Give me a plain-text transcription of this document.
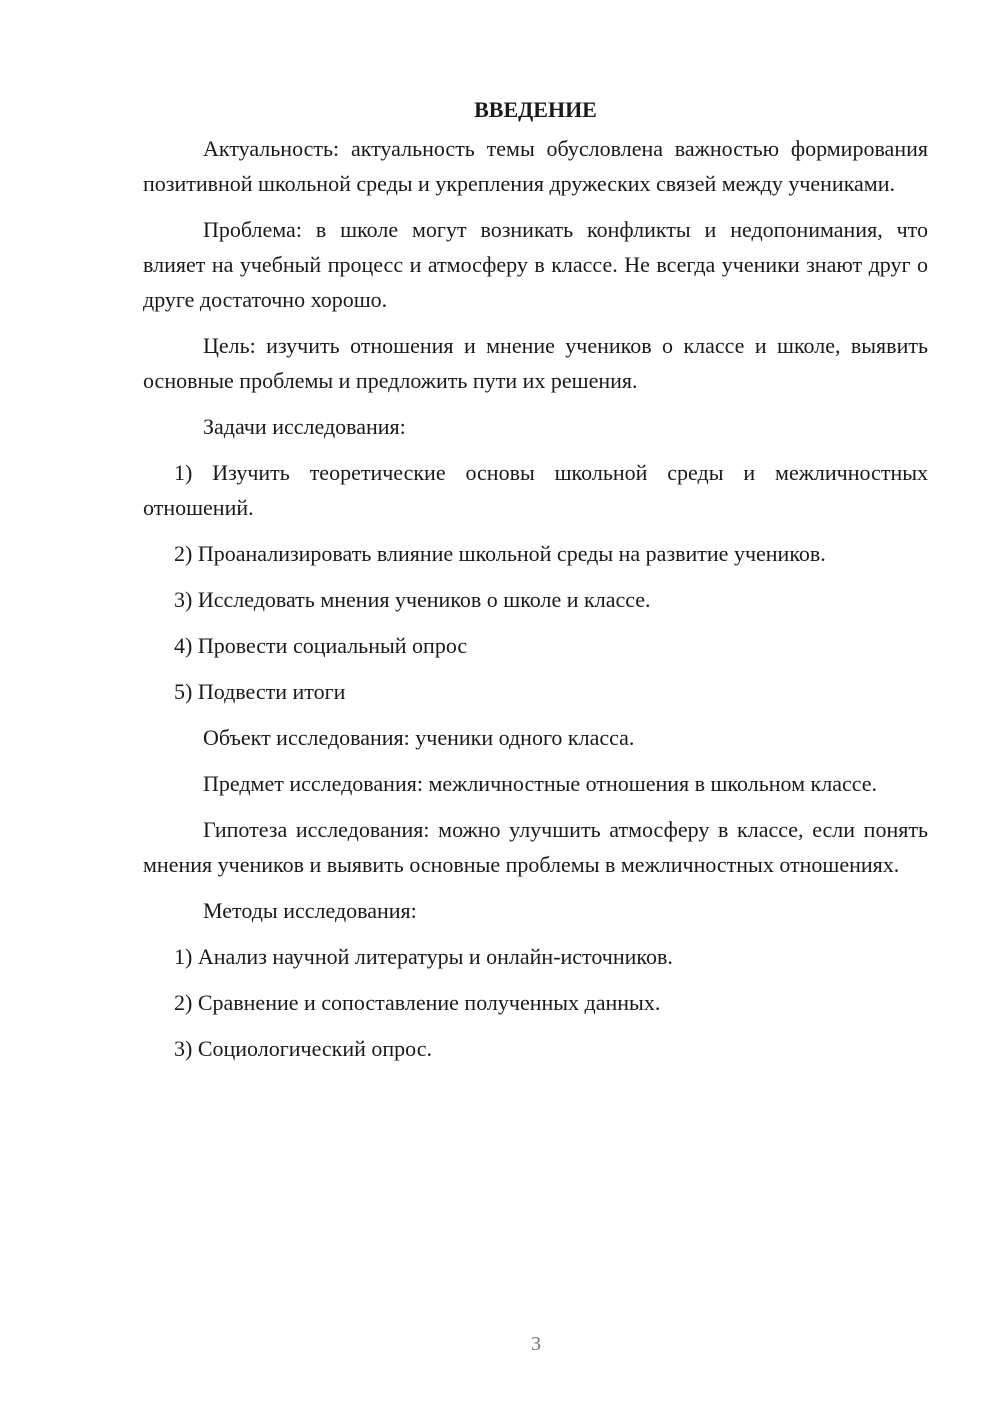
ВВЕДЕНИЕ

Актуальность: актуальность темы обусловлена важностью формирования позитивной школьной среды и укрепления дружеских связей между учениками.

Проблема: в школе могут возникать конфликты и недопонимания, что влияет на учебный процесс и атмосферу в классе. Не всегда ученики знают друг о друге достаточно хорошо.

Цель: изучить отношения и мнение учеников о классе и школе, выявить основные проблемы и предложить пути их решения.

Задачи исследования:

1) Изучить теоретические основы школьной среды и межличностных отношений.

2) Проанализировать влияние школьной среды на развитие учеников.

3) Исследовать мнения учеников о школе и классе.

4) Провести социальный опрос

5) Подвести итоги

Объект исследования: ученики одного класса.

Предмет исследования: межличностные отношения в школьном классе.

Гипотеза исследования: можно улучшить атмосферу в классе, если понять мнения учеников и выявить основные проблемы в межличностных отношениях.

Методы исследования:

1) Анализ научной литературы и онлайн-источников.

2) Сравнение и сопоставление полученных данных.

3) Социологический опрос.

3
